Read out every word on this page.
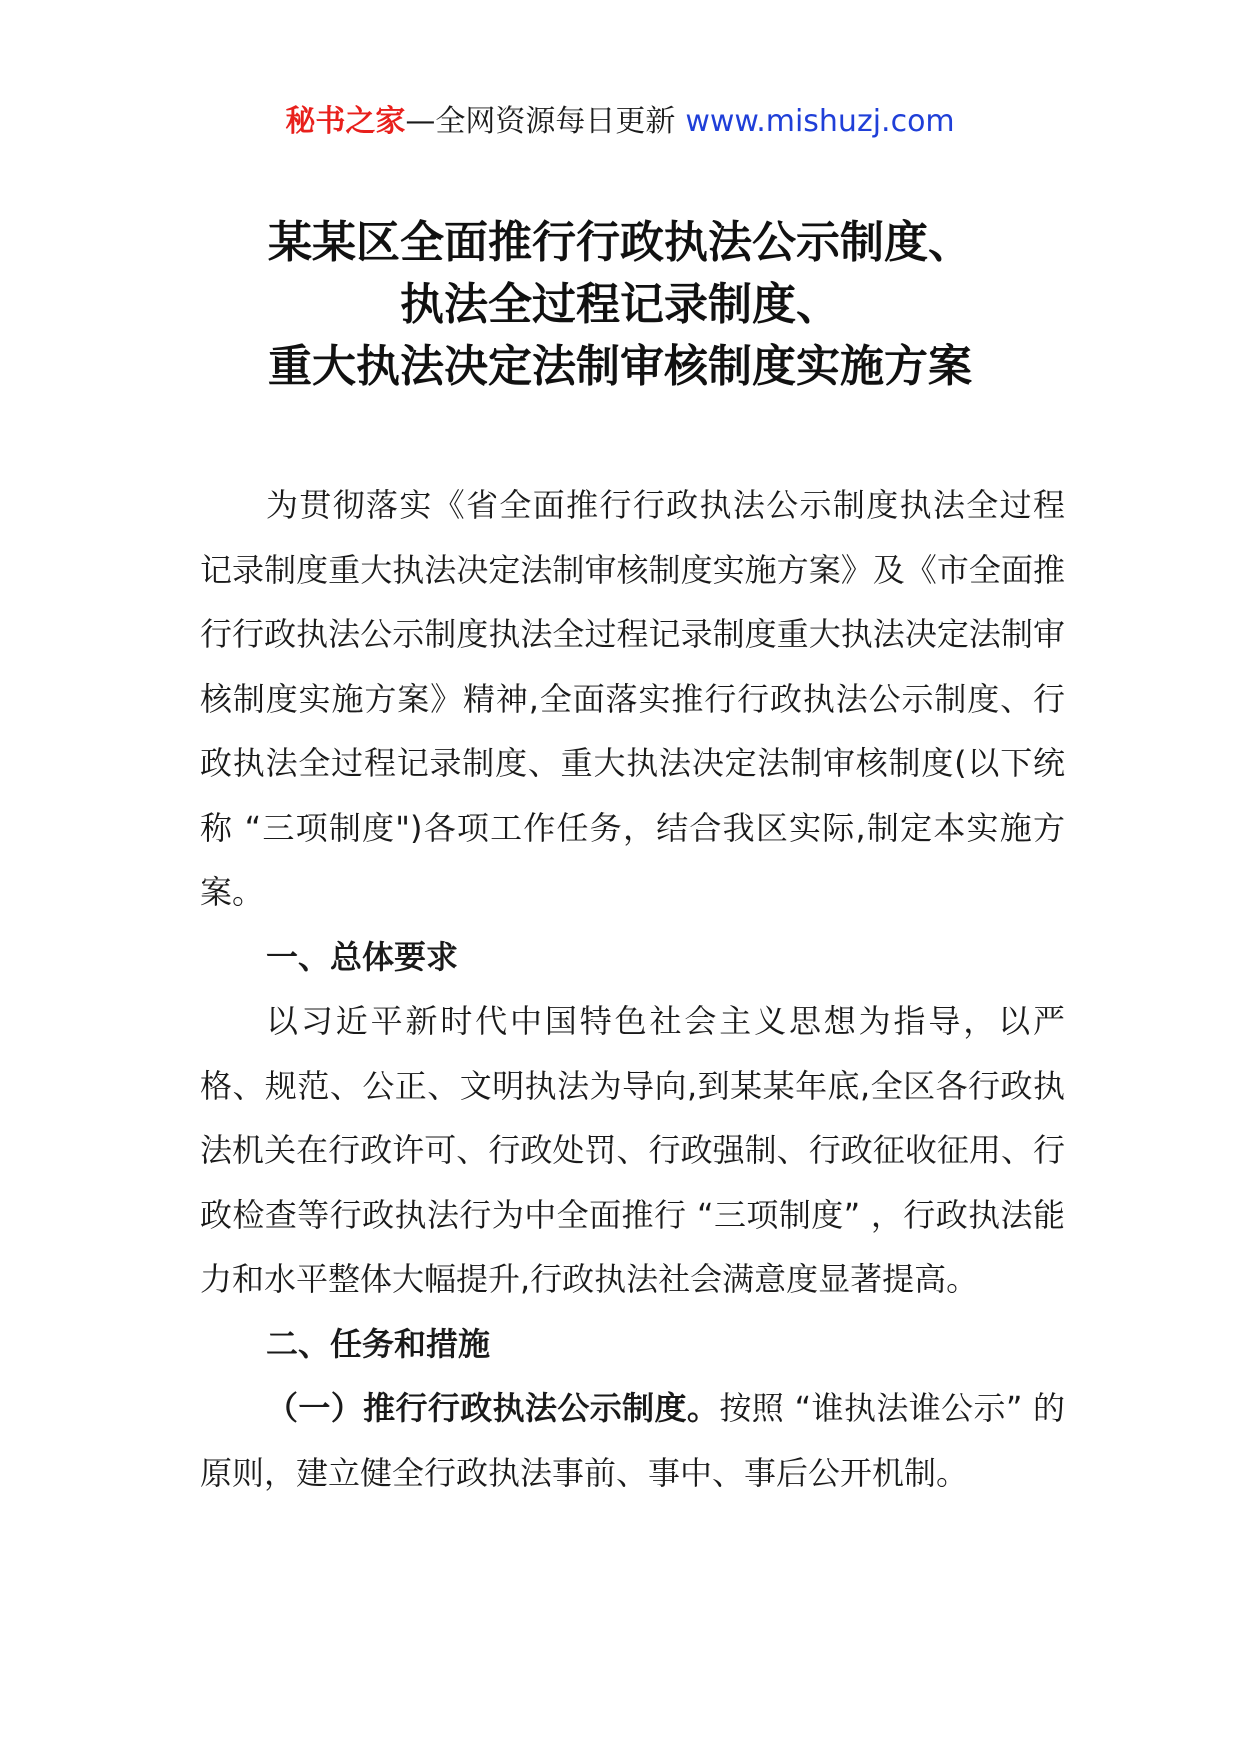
秘书之家—全网资源每日更新 www.mishuzj.com
某某区全面推行行政执法公示制度、
执法全过程记录制度、
重大执法决定法制审核制度实施方案

为贯彻落实《省全面推行行政执法公示制度执法全过程记录制度重大执法决定法制审核制度实施方案》及《市全面推行行政执法公示制度执法全过程记录制度重大执法决定法制审核制度实施方案》精神,全面落实推行行政执法公示制度、行政执法全过程记录制度、重大执法决定法制审核制度(以下统称 “三项制度")各项工作任务，结合我区实际,制定本实施方案。

一、总体要求

以习近平新时代中国特色社会主义思想为指导，以严格、规范、公正、文明执法为导向,到某某年底,全区各行政执法机关在行政许可、行政处罚、行政强制、行政征收征用、行政检查等行政执法行为中全面推行 “三项制度” ，行政执法能力和水平整体大幅提升,行政执法社会满意度显著提高。

二、任务和措施

（一）推行行政执法公示制度。按照 “谁执法谁公示” 的原则，建立健全行政执法事前、事中、事后公开机制。
